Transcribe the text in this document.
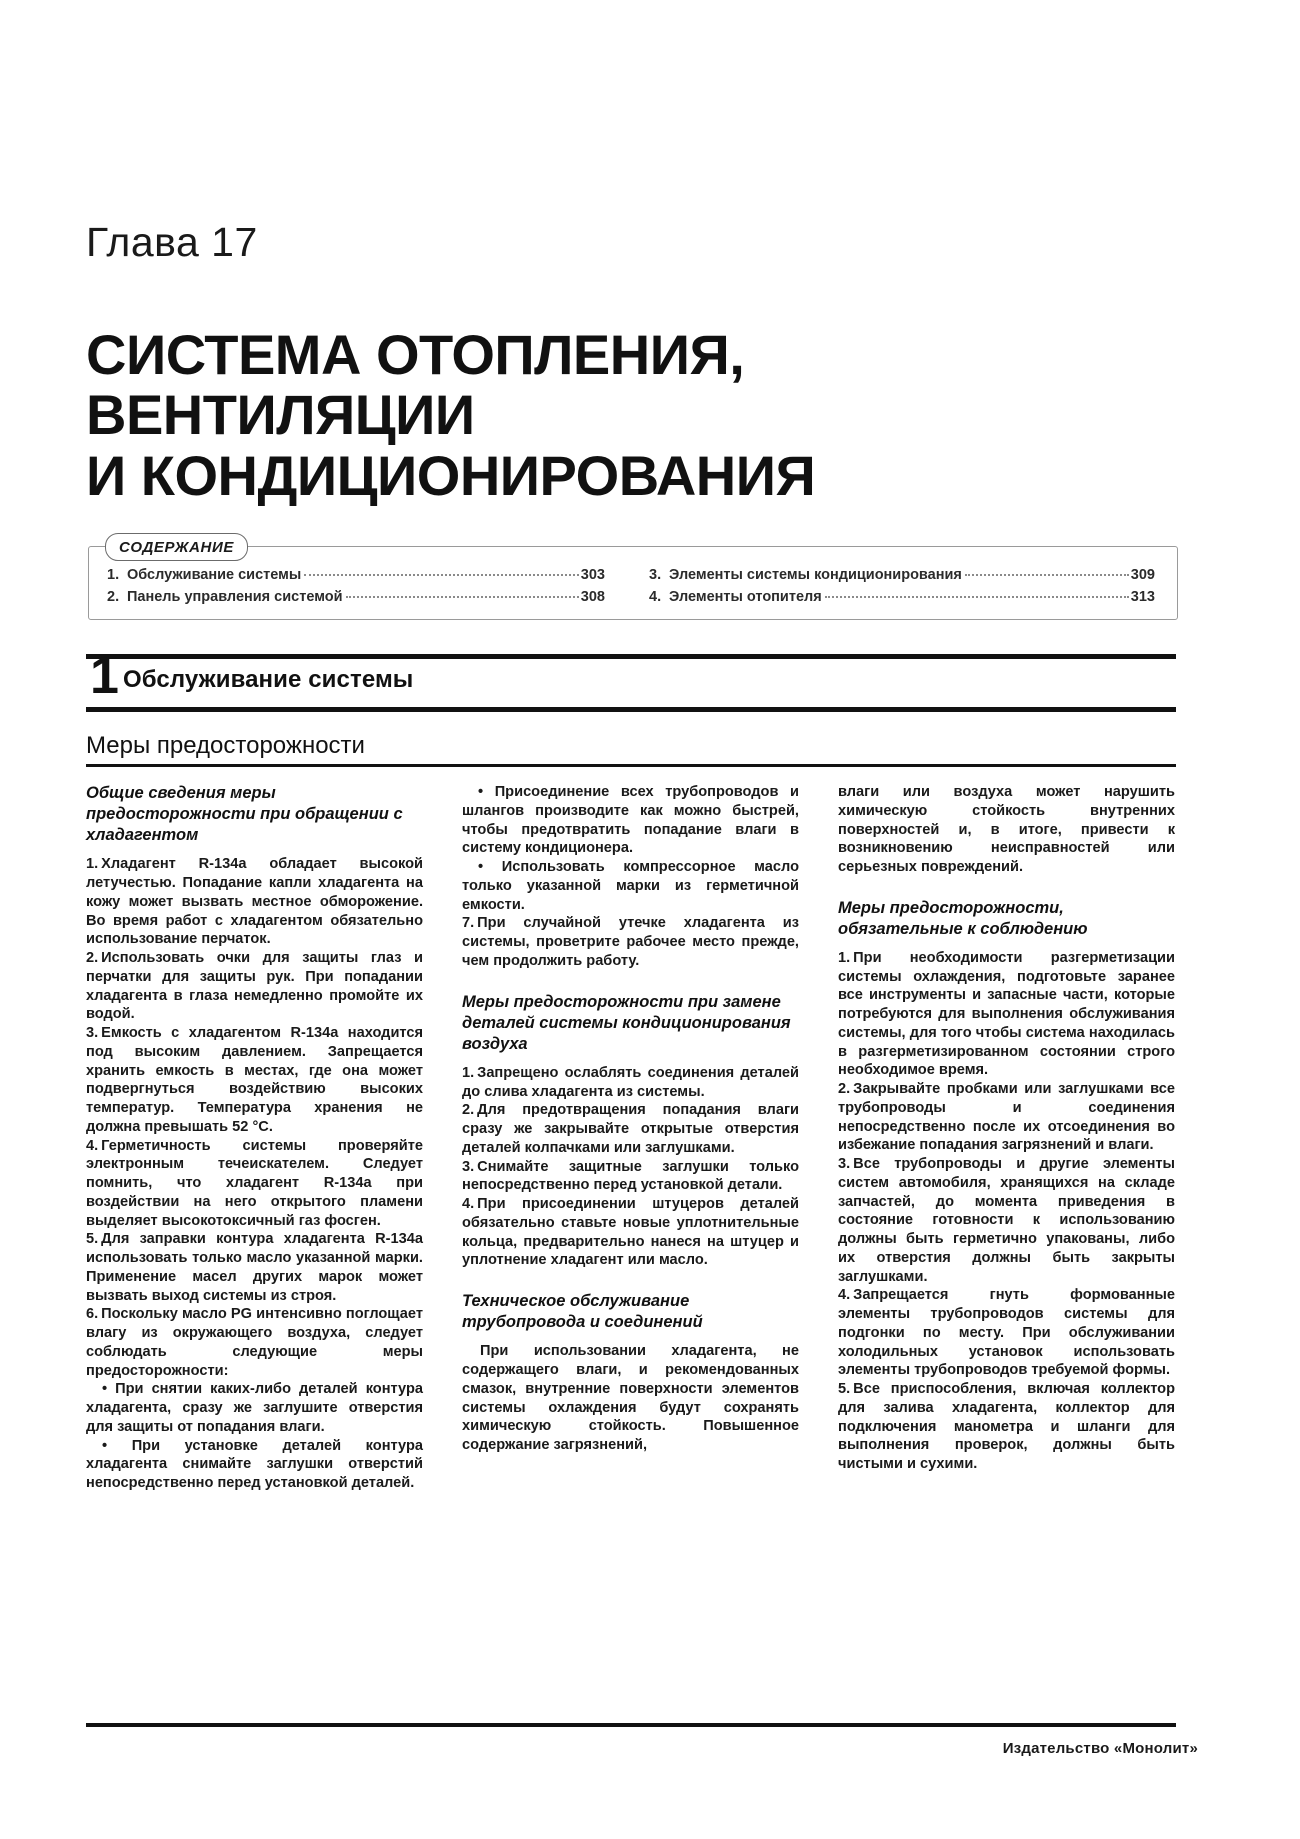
Глава 17
СИСТЕМА ОТОПЛЕНИЯ,
ВЕНТИЛЯЦИИ
И КОНДИЦИОНИРОВАНИЯ
СОДЕРЖАНИЕ
1. Обслуживание системы	303
2. Панель управления системой	308
3. Элементы системы кондиционирования	309
4. Элементы отопителя	313
1 Обслуживание системы
Меры предосторожности
Общие сведения меры предосторожности при обращении с хладагентом

1. Хладагент R-134a обладает высокой летучестью. Попадание капли хладагента на кожу может вызвать местное обморожение. Во время работ с хладагентом обязательно использование перчаток.

2. Использовать очки для защиты глаз и перчатки для защиты рук. При попадании хладагента в глаза немедленно промойте их водой.

3. Емкость с хладагентом R-134a находится под высоким давлением. Запрещается хранить емкость в местах, где она может подвергнуться воздействию высоких температур. Температура хранения не должна превышать 52 °C.

4. Герметичность системы проверяйте электронным течеискателем. Следует помнить, что хладагент R-134a при воздействии на него открытого пламени выделяет высокотоксичный газ фосген.

5. Для заправки контура хладагента R-134a использовать только масло указанной марки. Применение масел других марок может вызвать выход системы из строя.

6. Поскольку масло PG интенсивно поглощает влагу из окружающего воздуха, следует соблюдать следующие меры предосторожности:

• При снятии каких-либо деталей контура хладагента, сразу же заглушите отверстия для защиты от попадания влаги.

• При установке деталей контура хладагента снимайте заглушки отверстий непосредственно перед установкой деталей.

• Присоединение всех трубопроводов и шлангов производите как можно быстрей, чтобы предотвратить попадание влаги в систему кондиционера.

• Использовать компрессорное масло только указанной марки из герметичной емкости.

7. При случайной утечке хладагента из системы, проветрите рабочее место прежде, чем продолжить работу.

Меры предосторожности при замене деталей системы кондиционирования воздуха

1. Запрещено ослаблять соединения деталей до слива хладагента из системы.

2. Для предотвращения попадания влаги сразу же закрывайте открытые отверстия деталей колпачками или заглушками.

3. Снимайте защитные заглушки только непосредственно перед установкой детали.

4. При присоединении штуцеров деталей обязательно ставьте новые уплотнительные кольца, предварительно нанеся на штуцер и уплотнение хладагент или масло.

Техническое обслуживание трубопровода и соединений

При использовании хладагента, не содержащего влаги, и рекомендованных смазок, внутренние поверхности элементов системы охлаждения будут сохранять химическую стойкость. Повышенное содержание загрязнений,

влаги или воздуха может нарушить химическую стойкость внутренних поверхностей и, в итоге, привести к возникновению неисправностей или серьезных повреждений.

Меры предосторожности, обязательные к соблюдению

1. При необходимости разгерметизации системы охлаждения, подготовьте заранее все инструменты и запасные части, которые потребуются для выполнения обслуживания системы, для того чтобы система находилась в разгерметизированном состоянии строго необходимое время.

2. Закрывайте пробками или заглушками все трубопроводы и соединения непосредственно после их отсоединения во избежание попадания загрязнений и влаги.

3. Все трубопроводы и другие элементы систем автомобиля, хранящихся на складе запчастей, до момента приведения в состояние готовности к использованию должны быть герметично упакованы, либо их отверстия должны быть закрыты заглушками.

4. Запрещается гнуть формованные элементы трубопроводов системы для подгонки по месту. При обслуживании холодильных установок использовать элементы трубопроводов требуемой формы.

5. Все приспособления, включая коллектор для залива хладагента, коллектор для подключения манометра и шланги для выполнения проверок, должны быть чистыми и сухими.

Издательство «Монолит»
